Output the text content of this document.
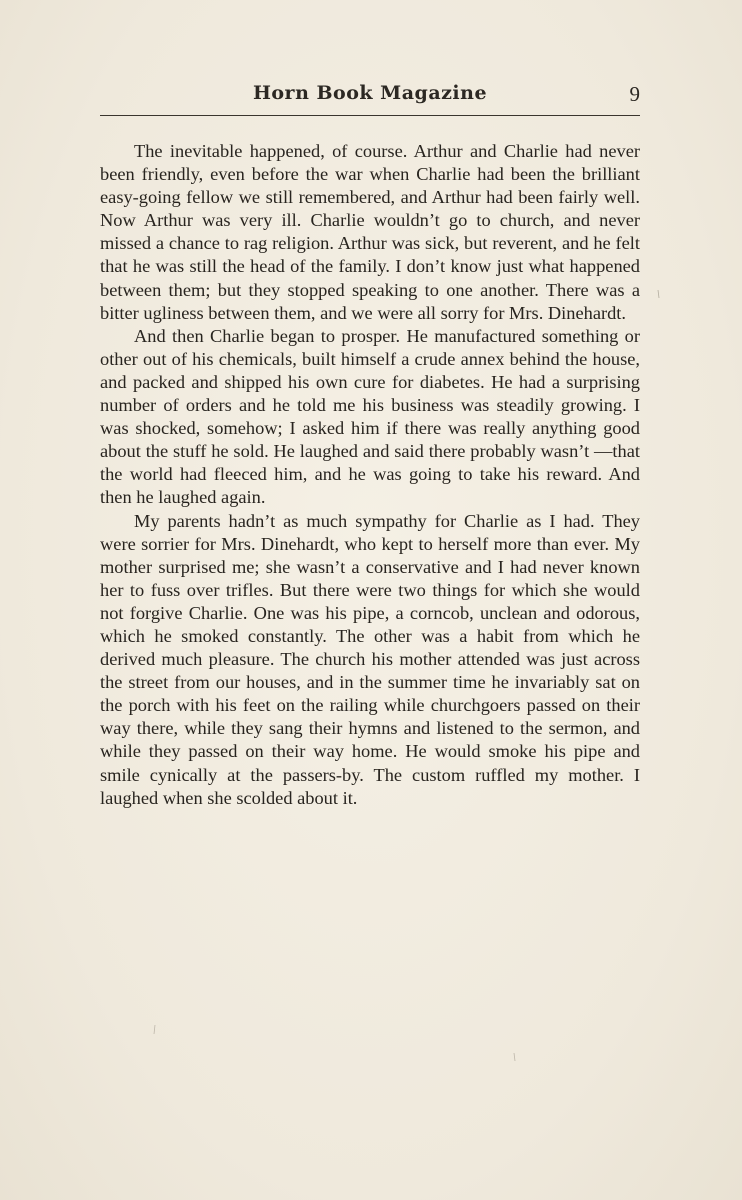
Horn Book Magazine	9

The inevitable happened, of course. Arthur and Charlie had never been friendly, even before the war when Charlie had been the brilliant easy-going fellow we still remembered, and Arthur had been fairly well. Now Arthur was very ill. Charlie wouldn’t go to church, and never missed a chance to rag religion. Arthur was sick, but reverent, and he felt that he was still the head of the family. I don’t know just what happened between them; but they stopped speaking to one another. There was a bitter ugliness between them, and we were all sorry for Mrs. Dinehardt.

And then Charlie began to prosper. He manufactured something or other out of his chemicals, built himself a crude annex behind the house, and packed and shipped his own cure for diabetes. He had a surprising number of orders and he told me his business was steadily growing. I was shocked, somehow; I asked him if there was really anything good about the stuff he sold. He laughed and said there probably wasn’t —that the world had fleeced him, and he was going to take his reward. And then he laughed again.

My parents hadn’t as much sympathy for Charlie as I had. They were sorrier for Mrs. Dinehardt, who kept to herself more than ever. My mother surprised me; she wasn’t a conservative and I had never known her to fuss over trifles. But there were two things for which she would not forgive Charlie. One was his pipe, a corncob, unclean and odorous, which he smoked constantly. The other was a habit from which he derived much pleasure. The church his mother attended was just across the street from our houses, and in the summer time he invariably sat on the porch with his feet on the railing while churchgoers passed on their way there, while they sang their hymns and listened to the sermon, and while they passed on their way home. He would smoke his pipe and smile cynically at the passers-by. The custom ruffled my mother. I laughed when she scolded about it.
